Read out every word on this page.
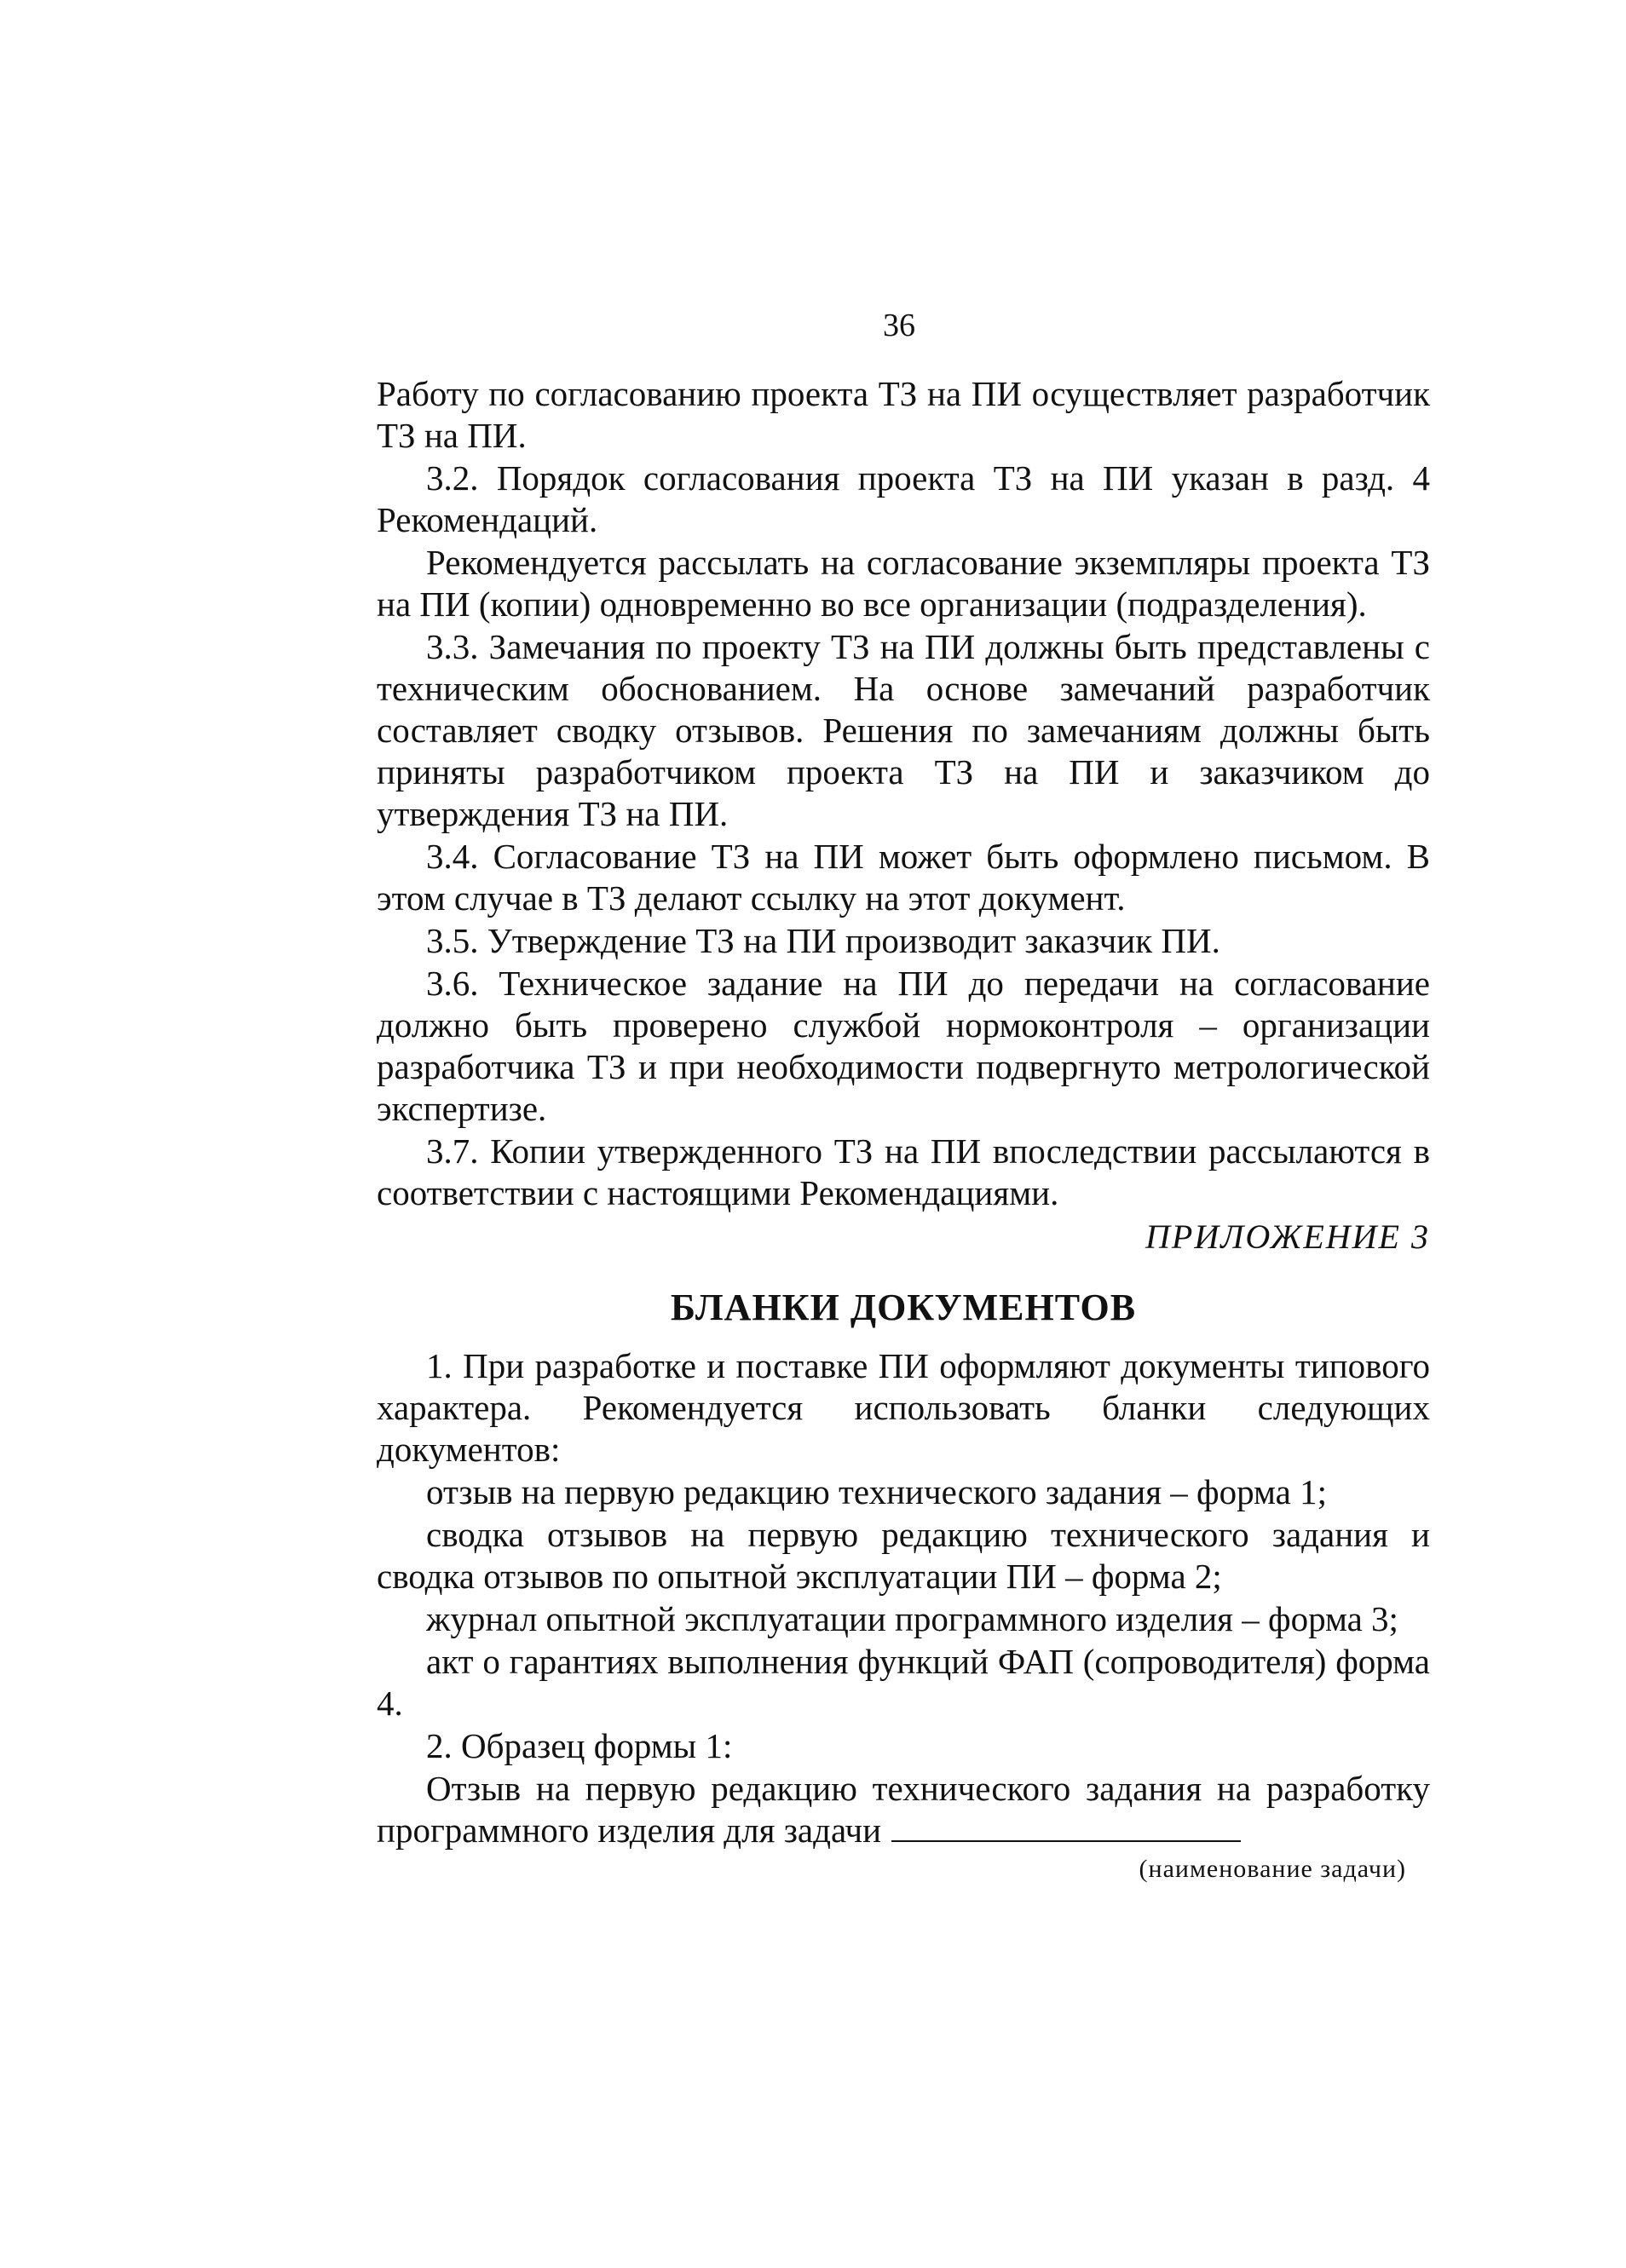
36

Работу по согласованию проекта ТЗ на ПИ осуществляет разработчик ТЗ на ПИ.

3.2. Порядок согласования проекта ТЗ на ПИ указан в разд. 4 Рекомендаций.

Рекомендуется рассылать на согласование экземпляры проекта ТЗ на ПИ (копии) одновременно во все организации (подразделения).

3.3. Замечания по проекту ТЗ на ПИ должны быть представлены с техническим обоснованием. На основе замечаний разработчик составляет сводку отзывов. Решения по замечаниям должны быть приняты разработчиком проекта ТЗ на ПИ и заказчиком до утверждения ТЗ на ПИ.

3.4. Согласование ТЗ на ПИ может быть оформлено письмом. В этом случае в ТЗ делают ссылку на этот документ.

3.5. Утверждение ТЗ на ПИ производит заказчик ПИ.

3.6. Техническое задание на ПИ до передачи на согласование должно быть проверено службой нормоконтроля – организации разработчика ТЗ и при необходимости подвергнуто метрологической экспертизе.

3.7. Копии утвержденного ТЗ на ПИ впоследствии рассылаются в соответствии с настоящими Рекомендациями.

ПРИЛОЖЕНИЕ 3
БЛАНКИ ДОКУМЕНТОВ

1. При разработке и поставке ПИ оформляют документы типового характера. Рекомендуется использовать бланки следующих документов:

отзыв на первую редакцию технического задания – форма 1;

сводка отзывов на первую редакцию технического задания и сводка отзывов по опытной эксплуатации ПИ – форма 2;

журнал опытной эксплуатации программного изделия – форма 3;

акт о гарантиях выполнения функций ФАП (сопроводителя) форма 4.

2. Образец формы 1:

Отзыв на первую редакцию технического задания на разработку программного изделия для задачи

(наименование задачи)
